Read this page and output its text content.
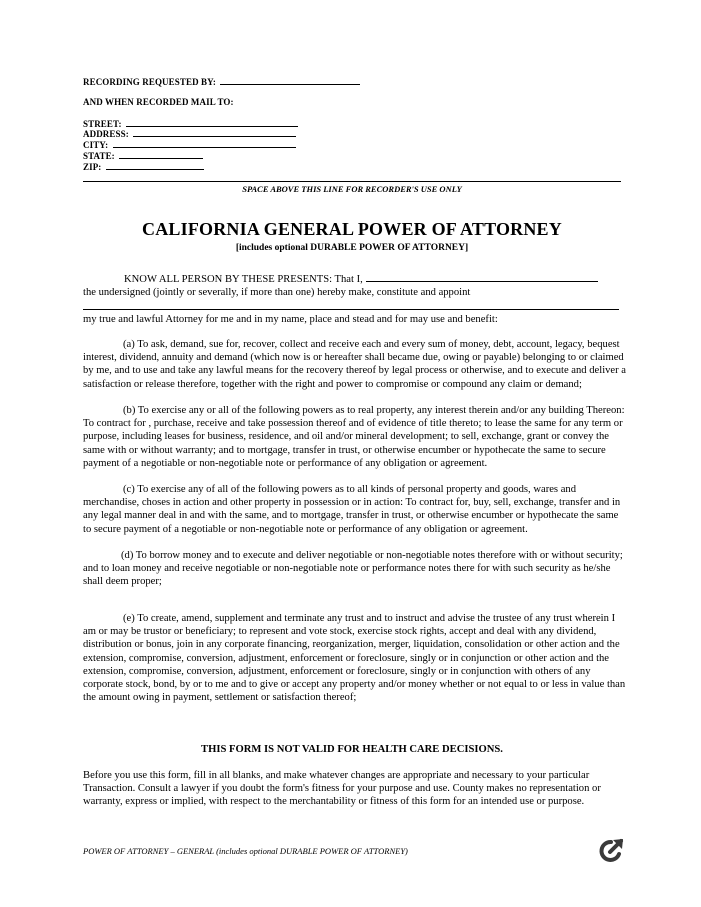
RECORDING REQUESTED BY:
AND WHEN RECORDED MAIL TO:
STREET:
ADDRESS:
CITY:
STATE:
ZIP:
SPACE ABOVE THIS LINE FOR RECORDER'S USE ONLY
CALIFORNIA GENERAL POWER OF ATTORNEY
[includes optional DURABLE POWER OF ATTORNEY]
KNOW ALL PERSON BY THESE PRESENTS: That I,
the undersigned (jointly or severally, if more than one) hereby make, constitute and appoint
my true and lawful Attorney for me and in my name, place and stead and for may use and benefit:
(a) To ask, demand, sue for, recover, collect and receive each and every sum of money, debt, account, legacy, bequest interest, dividend, annuity and demand (which now is or hereafter shall became due, owing or payable) belonging to or claimed by me, and to use and take any lawful means for the recovery thereof by legal process or otherwise, and to execute and deliver a satisfaction or release therefore, together with the right and power to compromise or compound any claim or demand;
(b) To exercise any or all of the following powers as to real property, any interest therein and/or any building Thereon: To contract for , purchase, receive and take possession thereof and of evidence of title thereto; to lease the same for any term or purpose, including leases for business, residence, and oil and/or mineral development; to sell, exchange, grant or convey the same with or without warranty; and to mortgage, transfer in trust, or otherwise encumber or hypothecate the same to secure payment of a negotiable or non-negotiable note or performance of any obligation or agreement.
(c) To exercise any of all of the following powers as to all kinds of personal property and goods, wares and merchandise, choses in action and other property in possession or in action: To contract for, buy, sell, exchange, transfer and in any legal manner deal in and with the same, and to mortgage, transfer in trust, or otherwise encumber or hypothecate the same to secure payment of a negotiable or non-negotiable note or performance of any obligation or agreement.
(d) To borrow money and to execute and deliver negotiable or non-negotiable notes therefore with or without security; and to loan money and receive negotiable or non-negotiable note or performance notes there for with such security as he/she shall deem proper;
(e) To create, amend, supplement and terminate any trust and to instruct and advise the trustee of any trust wherein I am or may be trustor or beneficiary; to represent and vote stock, exercise stock rights, accept and deal with any dividend, distribution or bonus, join in any corporate financing, reorganization, merger, liquidation, consolidation or other action and the extension, compromise, conversion, adjustment, enforcement or foreclosure, singly or in conjunction or other action and the extension, compromise, conversion, adjustment, enforcement or foreclosure, singly or in conjunction with others of any corporate stock, bond, by or to me and to give or accept any property and/or money whether or not equal to or less in value than the amount owing in payment, settlement or satisfaction thereof;
THIS FORM IS NOT VALID FOR HEALTH CARE DECISIONS.
Before you use this form, fill in all blanks, and make whatever changes are appropriate and necessary to your particular Transaction. Consult a lawyer if you doubt the form's fitness for your purpose and use. County makes no representation or warranty, express or implied, with respect to the merchantability or fitness of this form for an intended use or purpose.
POWER OF ATTORNEY – GENERAL (includes optional DURABLE POWER OF ATTORNEY)
